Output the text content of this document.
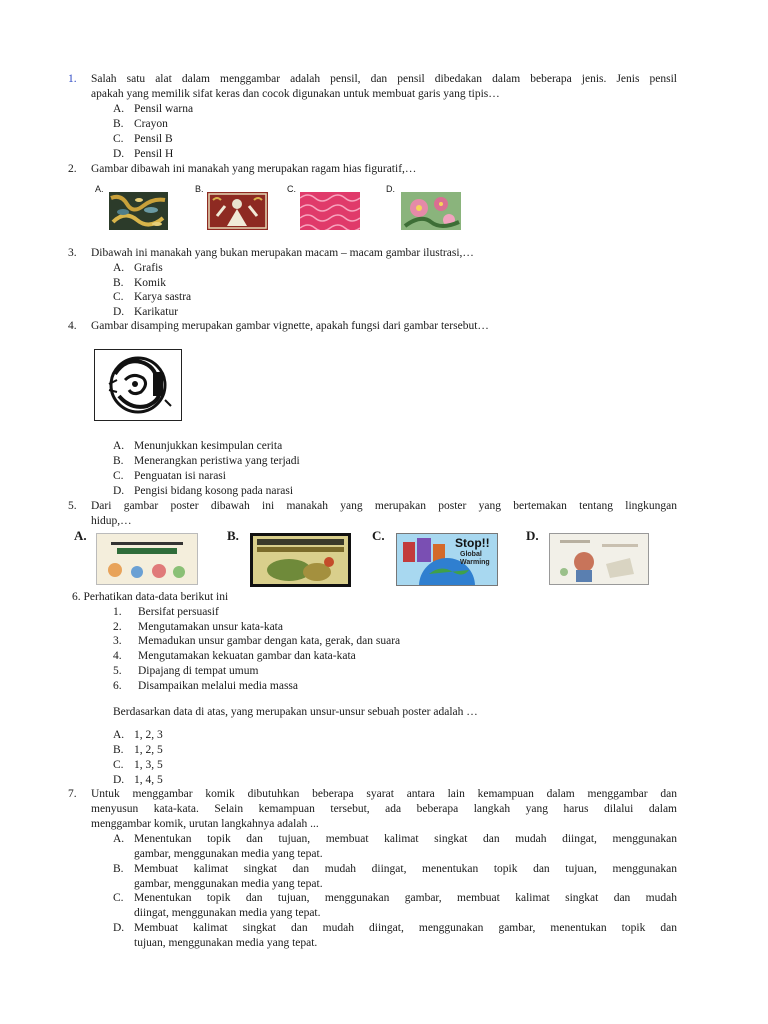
1. Salah satu alat dalam menggambar adalah pensil, dan pensil dibedakan dalam beberapa jenis. Jenis pensil
apakah yang memilik sifat keras dan cocok digunakan untuk membuat garis yang tipis…
A. Pensil warna
B. Crayon
C. Pensil B
D. Pensil H
2. Gambar dibawah ini manakah yang merupakan ragam hias figuratif,…
A.	B.	C.	D.
3. Dibawah ini manakah yang bukan merupakan macam – macam gambar ilustrasi,…
A. Grafis
B. Komik
C. Karya sastra
D. Karikatur
4. Gambar disamping merupakan gambar vignette, apakah fungsi dari gambar tersebut…
A. Menunjukkan kesimpulan cerita
B. Menerangkan peristiwa yang terjadi
C. Penguatan isi narasi
D. Pengisi bidang kosong pada narasi
5. Dari gambar poster dibawah ini manakah yang merupakan poster yang bertemakan tentang lingkungan
hidup,…
A.	B.	C.	Stop!!
Global
Warming
D.
6. Perhatikan data-data berikut ini
1. Bersifat persuasif
2. Mengutamakan unsur kata-kata
3. Memadukan unsur gambar dengan kata, gerak, dan suara
4. Mengutamakan kekuatan gambar dan kata-kata
5. Dipajang di tempat umum
6. Disampaikan melalui media massa
Berdasarkan data di atas, yang merupakan unsur-unsur sebuah poster adalah …
A. 1, 2, 3
B. 1, 2, 5
C. 1, 3, 5
D. 1, 4, 5
7. Untuk menggambar komik dibutuhkan beberapa syarat antara lain kemampuan dalam menggambar dan
menyusun kata-kata. Selain kemampuan tersebut, ada beberapa langkah yang harus dilalui dalam
menggambar komik, urutan langkahnya adalah ...
A. Menentukan topik dan tujuan, membuat kalimat singkat dan mudah diingat, menggunakan
gambar, menggunakan media yang tepat.
B. Membuat kalimat singkat dan mudah diingat, menentukan topik dan tujuan, menggunakan
gambar, menggunakan media yang tepat.
C. Menentukan topik dan tujuan, menggunakan gambar, membuat kalimat singkat dan mudah
diingat, menggunakan media yang tepat.
D. Membuat kalimat singkat dan mudah diingat, menggunakan gambar, menentukan topik dan
tujuan, menggunakan media yang tepat.
